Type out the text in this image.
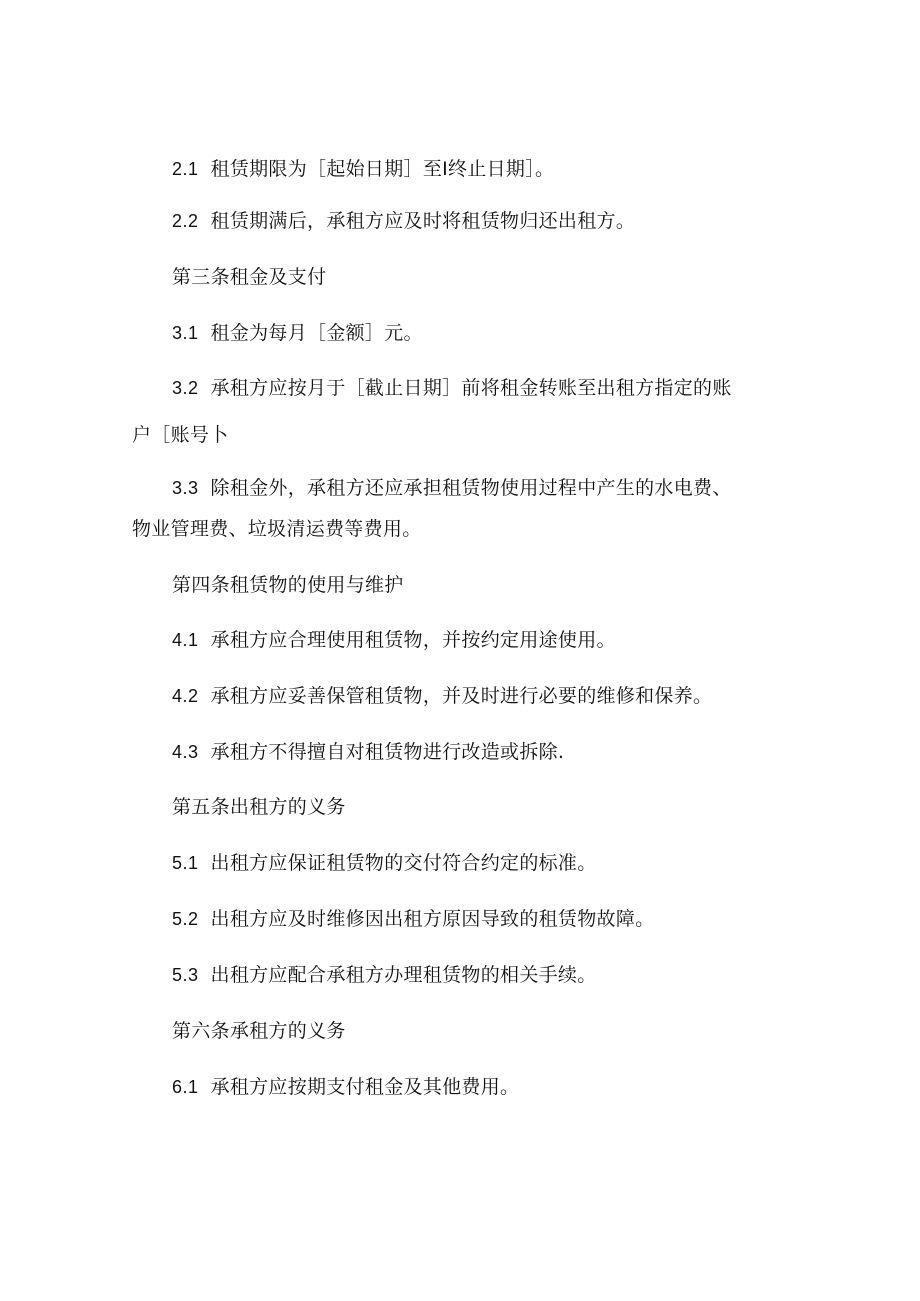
2.1 租赁期限为［起始日期］至I终止日期］。
2.2 租赁期满后，承租方应及时将租赁物归还出租方。
第三条租金及支付
3.1 租金为每月［金额］元。
3.2 承租方应按月于［截止日期］前将租金转账至出租方指定的账
户［账号卜
3.3 除租金外，承租方还应承担租赁物使用过程中产生的水电费、
物业管理费、垃圾清运费等费用。
第四条租赁物的使用与维护
4.1 承租方应合理使用租赁物，并按约定用途使用。
4.2 承租方应妥善保管租赁物，并及时进行必要的维修和保养。
4.3 承租方不得擅自对租赁物进行改造或拆除.
第五条出租方的义务
5.1 出租方应保证租赁物的交付符合约定的标准。
5.2 出租方应及时维修因出租方原因导致的租赁物故障。
5.3 出租方应配合承租方办理租赁物的相关手续。
第六条承租方的义务
6.1 承租方应按期支付租金及其他费用。
